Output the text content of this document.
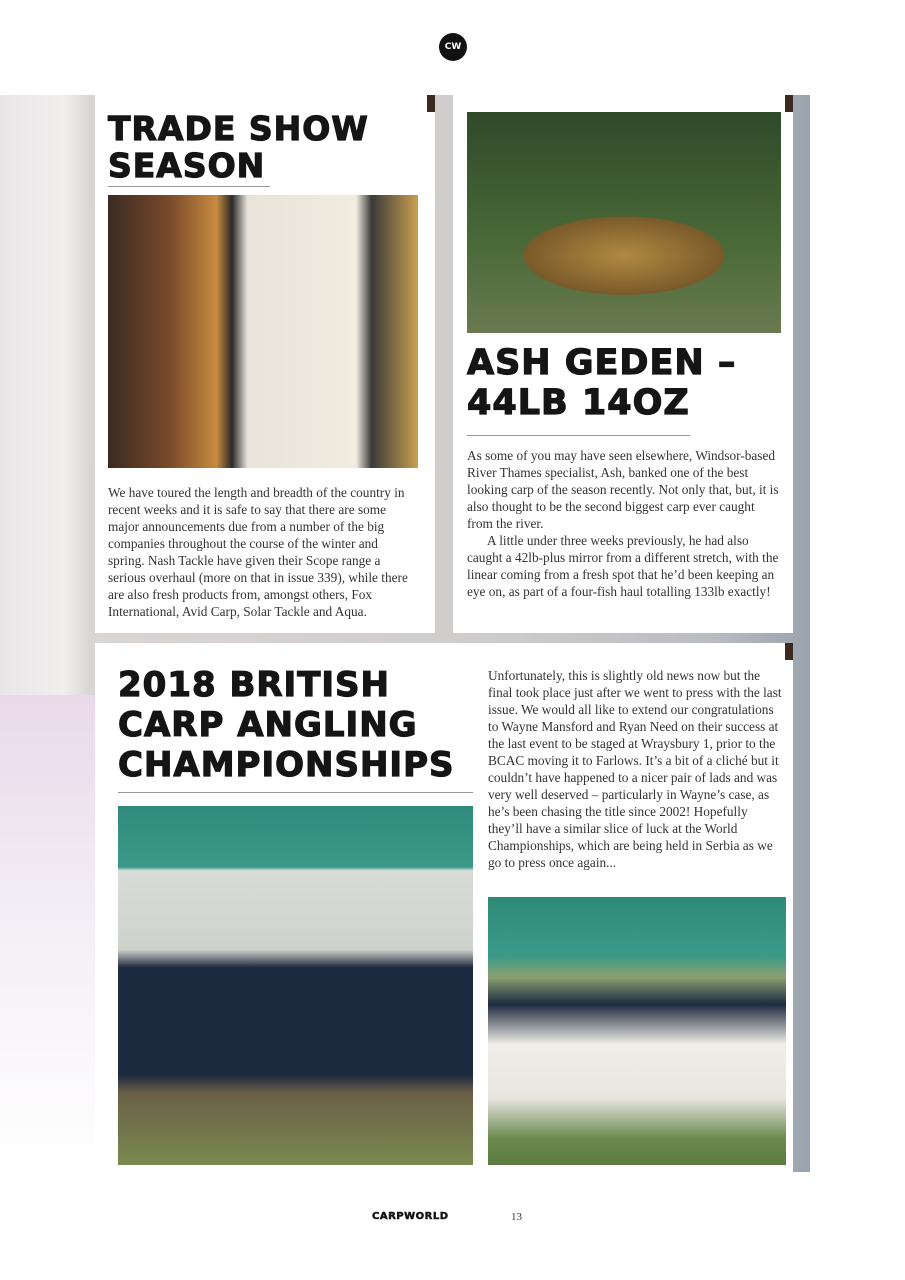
CW
TRADE SHOW
SEASON
We have toured the length and breadth of the country in recent weeks and it is safe to say that there are some major announcements due from a number of the big companies throughout the course of the winter and spring. Nash Tackle have given their Scope range a serious overhaul (more on that in issue 339), while there are also fresh products from, amongst others, Fox International, Avid Carp, Solar Tackle and Aqua.
ASH GEDEN –
44LB 14OZ

As some of you may have seen elsewhere, Windsor-based River Thames specialist, Ash, banked one of the best looking carp of the season recently. Not only that, but, it is also thought to be the second biggest carp ever caught from the river.

A little under three weeks previously, he had also caught a 42lb-plus mirror from a different stretch, with the linear coming from a fresh spot that he’d been keeping an eye on, as part of a four-fish haul totalling 133lb exactly!

2018 BRITISH
CARP ANGLING
CHAMPIONSHIPS
Unfortunately, this is slightly old news now but the final took place just after we went to press with the last issue. We would all like to extend our congratulations to Wayne Mansford and Ryan Need on their success at the last event to be staged at Wraysbury 1, prior to the BCAC moving it to Farlows. It’s a bit of a cliché but it couldn’t have happened to a nicer pair of lads and was very well deserved – particularly in Wayne’s case, as he’s been chasing the title since 2002! Hopefully they’ll have a similar slice of luck at the World Championships, which are being held in Serbia as we go to press once again...
CARPWORLD	13
